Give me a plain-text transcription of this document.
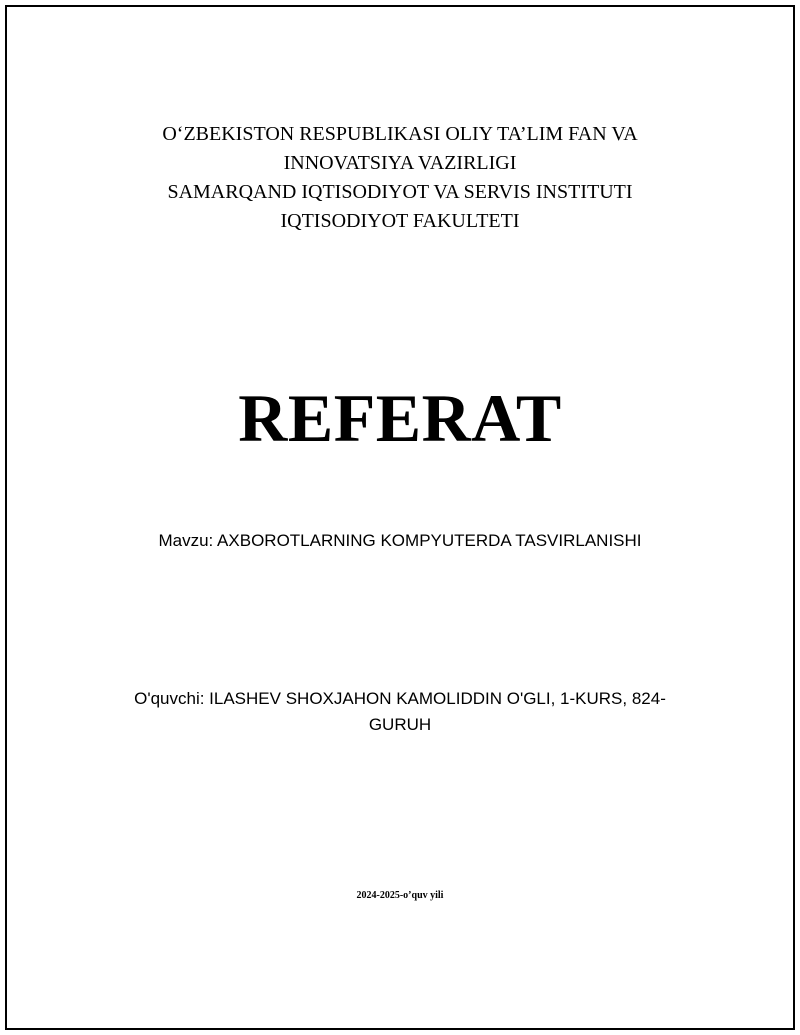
O‘ZBEKISTON RESPUBLIKASI OLIY TA’LIM FAN VA
INNOVATSIYA VAZIRLIGI
SAMARQAND IQTISODIYOT VA SERVIS INSTITUTI
IQTISODIYOT FAKULTETI
REFERAT
Mavzu: AXBOROTLARNING KOMPYUTERDA TASVIRLANISHI
O'quvchi: ILASHEV SHOXJAHON KAMOLIDDIN O'GLI, 1-KURS, 824-GURUH
2024-2025-o’quv yili
